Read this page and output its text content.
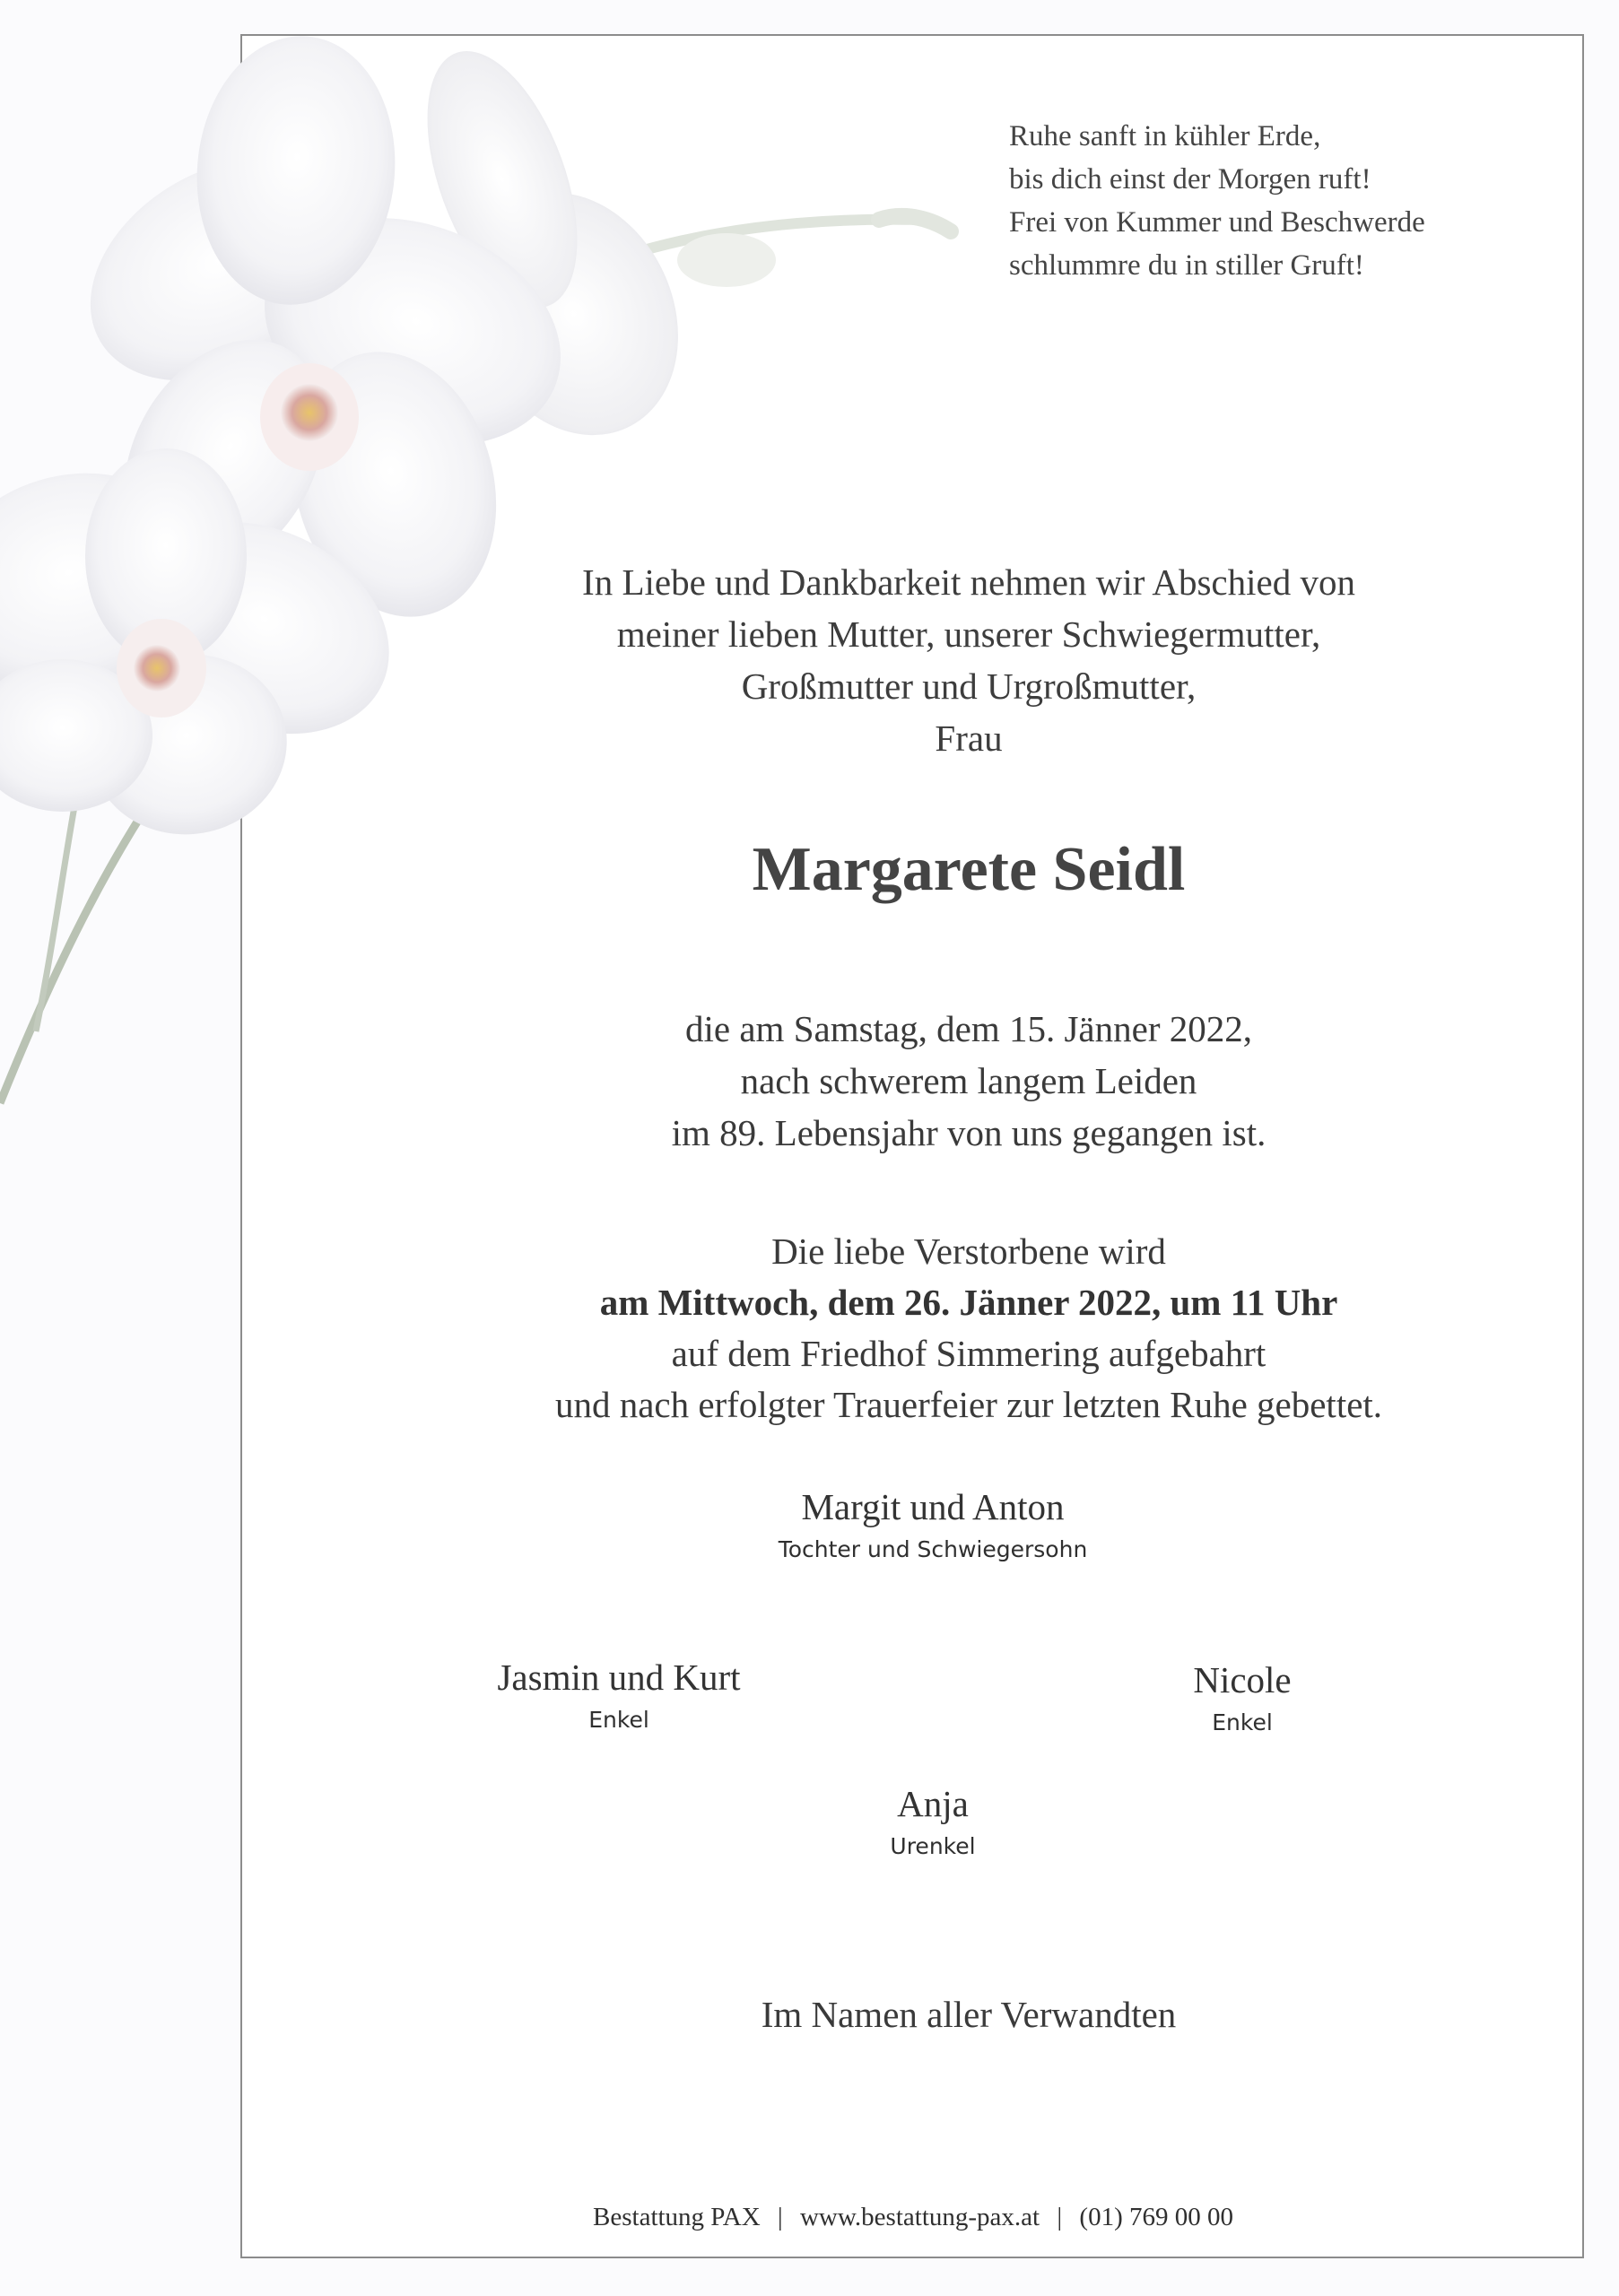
Ruhe sanft in kühler Erde,
bis dich einst der Morgen ruft!
Frei von Kummer und Beschwerde
schlummre du in stiller Gruft!
In Liebe und Dankbarkeit nehmen wir Abschied von
meiner lieben Mutter, unserer Schwiegermutter,
Großmutter und Urgroßmutter,
Frau
Margarete Seidl
die am Samstag, dem 15. Jänner 2022,
nach schwerem langem Leiden
im 89. Lebensjahr von uns gegangen ist.
Die liebe Verstorbene wird
am Mittwoch, dem 26. Jänner 2022, um 11 Uhr
auf dem Friedhof Simmering aufgebahrt
und nach erfolgter Trauerfeier zur letzten Ruhe gebettet.
Margit und Anton
Tochter und Schwiegersohn
Jasmin und Kurt
Enkel
Nicole
Enkel
Anja
Urenkel
Im Namen aller Verwandten
Bestattung PAX | www.bestattung-pax.at | (01) 769 00 00
